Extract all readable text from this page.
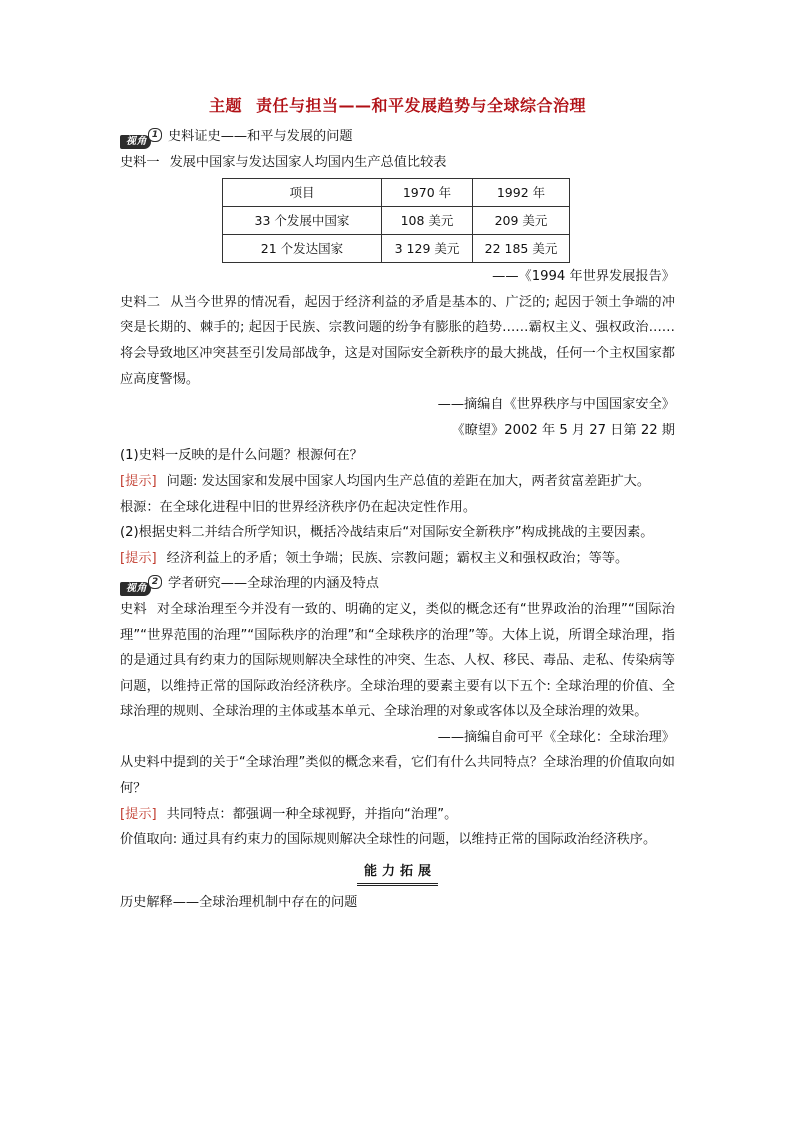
主题 责任与担当——和平发展趋势与全球综合治理

视角1 史料证史——和平与发展的问题

史料一 发展中国家与发达国家人均国内生产总值比较表

项目	1970 年	1992 年
33 个发展中国家	108 美元	209 美元
21 个发达国家	3 129 美元	22 185 美元

——《1994 年世界发展报告》

史料二 从当今世界的情况看，起因于经济利益的矛盾是基本的、广泛的; 起因于领土争端的冲突是长期的、棘手的; 起因于民族、宗教问题的纷争有膨胀的趋势……霸权主义、强权政治……将会导致地区冲突甚至引发局部战争，这是对国际安全新秩序的最大挑战，任何一个主权国家都应高度警惕。

——摘编自《世界秩序与中国国家安全》

《瞭望》2002 年 5 月 27 日第 22 期

(1)史料一反映的是什么问题？根源何在？

[提示] 问题: 发达国家和发展中国家人均国内生产总值的差距在加大，两者贫富差距扩大。

根源：在全球化进程中旧的世界经济秩序仍在起决定性作用。

(2)根据史料二并结合所学知识，概括冷战结束后“对国际安全新秩序”构成挑战的主要因素。

[提示] 经济利益上的矛盾；领土争端；民族、宗教问题；霸权主义和强权政治；等等。

视角2 学者研究——全球治理的内涵及特点

史料 对全球治理至今并没有一致的、明确的定义，类似的概念还有“世界政治的治理”“国际治理”“世界范围的治理”“国际秩序的治理”和“全球秩序的治理”等。大体上说，所谓全球治理，指的是通过具有约束力的国际规则解决全球性的冲突、生态、人权、移民、毒品、走私、传染病等问题，以维持正常的国际政治经济秩序。全球治理的要素主要有以下五个: 全球治理的价值、全球治理的规则、全球治理的主体或基本单元、全球治理的对象或客体以及全球治理的效果。

——摘编自俞可平《全球化：全球治理》

从史料中提到的关于“全球治理”类似的概念来看，它们有什么共同特点？全球治理的价值取向如何？

[提示] 共同特点：都强调一种全球视野，并指向“治理”。

价值取向: 通过具有约束力的国际规则解决全球性的问题，以维持正常的国际政治经济秩序。

能力拓展

历史解释——全球治理机制中存在的问题
